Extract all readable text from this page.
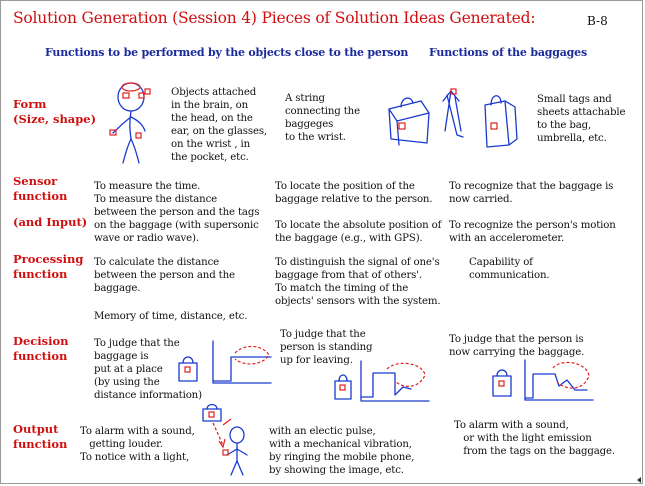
Solution Generation (Session 4) Pieces of Solution Ideas Generated:	B-8
Functions to be performed by the objects close to the person Functions of the baggages
Form
(Size, shape)
Sensor
function
(and Input)
Processing
function
Decision
function
Output
function
Objects attached
in the brain, on
the head, on the
ear, on the glasses,
on the wrist , in
the pocket, etc.
A string
connecting the
baggeges
to the wrist.
Small tags and
sheets attachable
to the bag,
umbrella, etc.
To measure the time.
To measure the distance
between the person and the tags
on the baggage (with supersonic
wave or radio wave).
To locate the position of the
baggage relative to the person.
To locate the absolute position of
the baggage (e.g., with GPS).
To recognize that the baggage is
now carried.
To recognize the person's motion
with an accelerometer.
To calculate the distance
between the person and the
baggage.
Memory of time, distance, etc.
To distinguish the signal of one's
baggage from that of others'.
To match the timing of the
objects' sensors with the system.
Capability of
communication.
To judge that the
baggage is
put at a place
(by using the
distance information)
To judge that the
person is standing
up for leaving.
To judge that the person is
now carrying the baggage.
To alarm with a sound,
getting louder.
To notice with a light,
with an electic pulse,
with a mechanical vibration,
by ringing the mobile phone,
by showing the image, etc.
To alarm with a sound,
or with the light emission
from the tags on the baggage.
